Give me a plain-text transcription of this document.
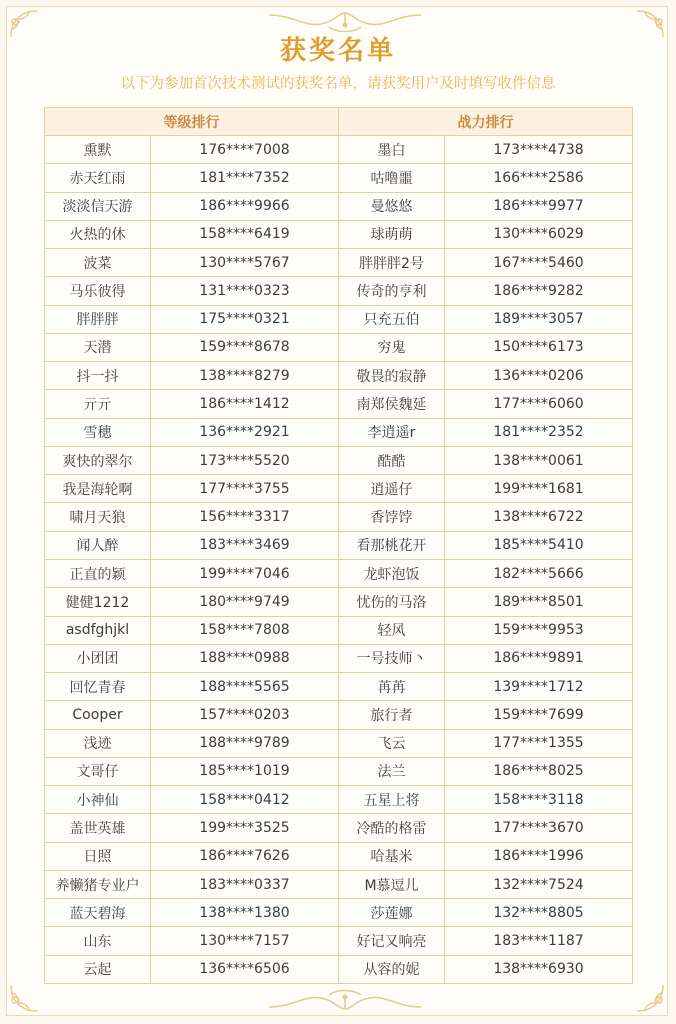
获奖名单
以下为参加首次技术测试的获奖名单，请获奖用户及时填写收件信息
等级排行		战力排行	
熏默	176****7008	墨白	173****4738
赤天红雨	181****7352	咕噜噩	166****2586
淡淡信天游	186****9966	曼悠悠	186****9977
火热的休	158****6419	球萌萌	130****6029
波菜	130****5767	胖胖胖2号	167****5460
马乐彼得	131****0323	传奇的亨利	186****9282
胖胖胖	175****0321	只充五伯	189****3057
天潜	159****8678	穷鬼	150****6173
抖一抖	138****8279	敬畏的寂静	136****0206
亓亓	186****1412	南郑侯魏延	177****6060
雪穗	136****2921	李逍遥r	181****2352
爽快的翠尔	173****5520	酷酷	138****0061
我是海轮啊	177****3755	逍遥仔	199****1681
啸月天狼	156****3317	香饽饽	138****6722
闻人醉	183****3469	看那桃花开	185****5410
正直的颖	199****7046	龙虾泡饭	182****5666
健健1212	180****9749	忧伤的马洛	189****8501
asdfghjkl	158****7808	轻风	159****9953
小团团	188****0988	一号技师丶	186****9891
回忆青春	188****5565	苒苒	139****1712
Cooper	157****0203	旅行者	159****7699
浅迹	188****9789	飞云	177****1355
文哥仔	185****1019	法兰	186****8025
小神仙	158****0412	五星上将	158****3118
盖世英雄	199****3525	冷酷的格雷	177****3670
日照	186****7626	哈基米	186****1996
养懒猪专业户	183****0337	M慕逗儿	132****7524
蓝天碧海	138****1380	莎莲娜	132****8805
山东	130****7157	好记又响亮	183****1187
云起	136****6506	从容的妮	138****6930
